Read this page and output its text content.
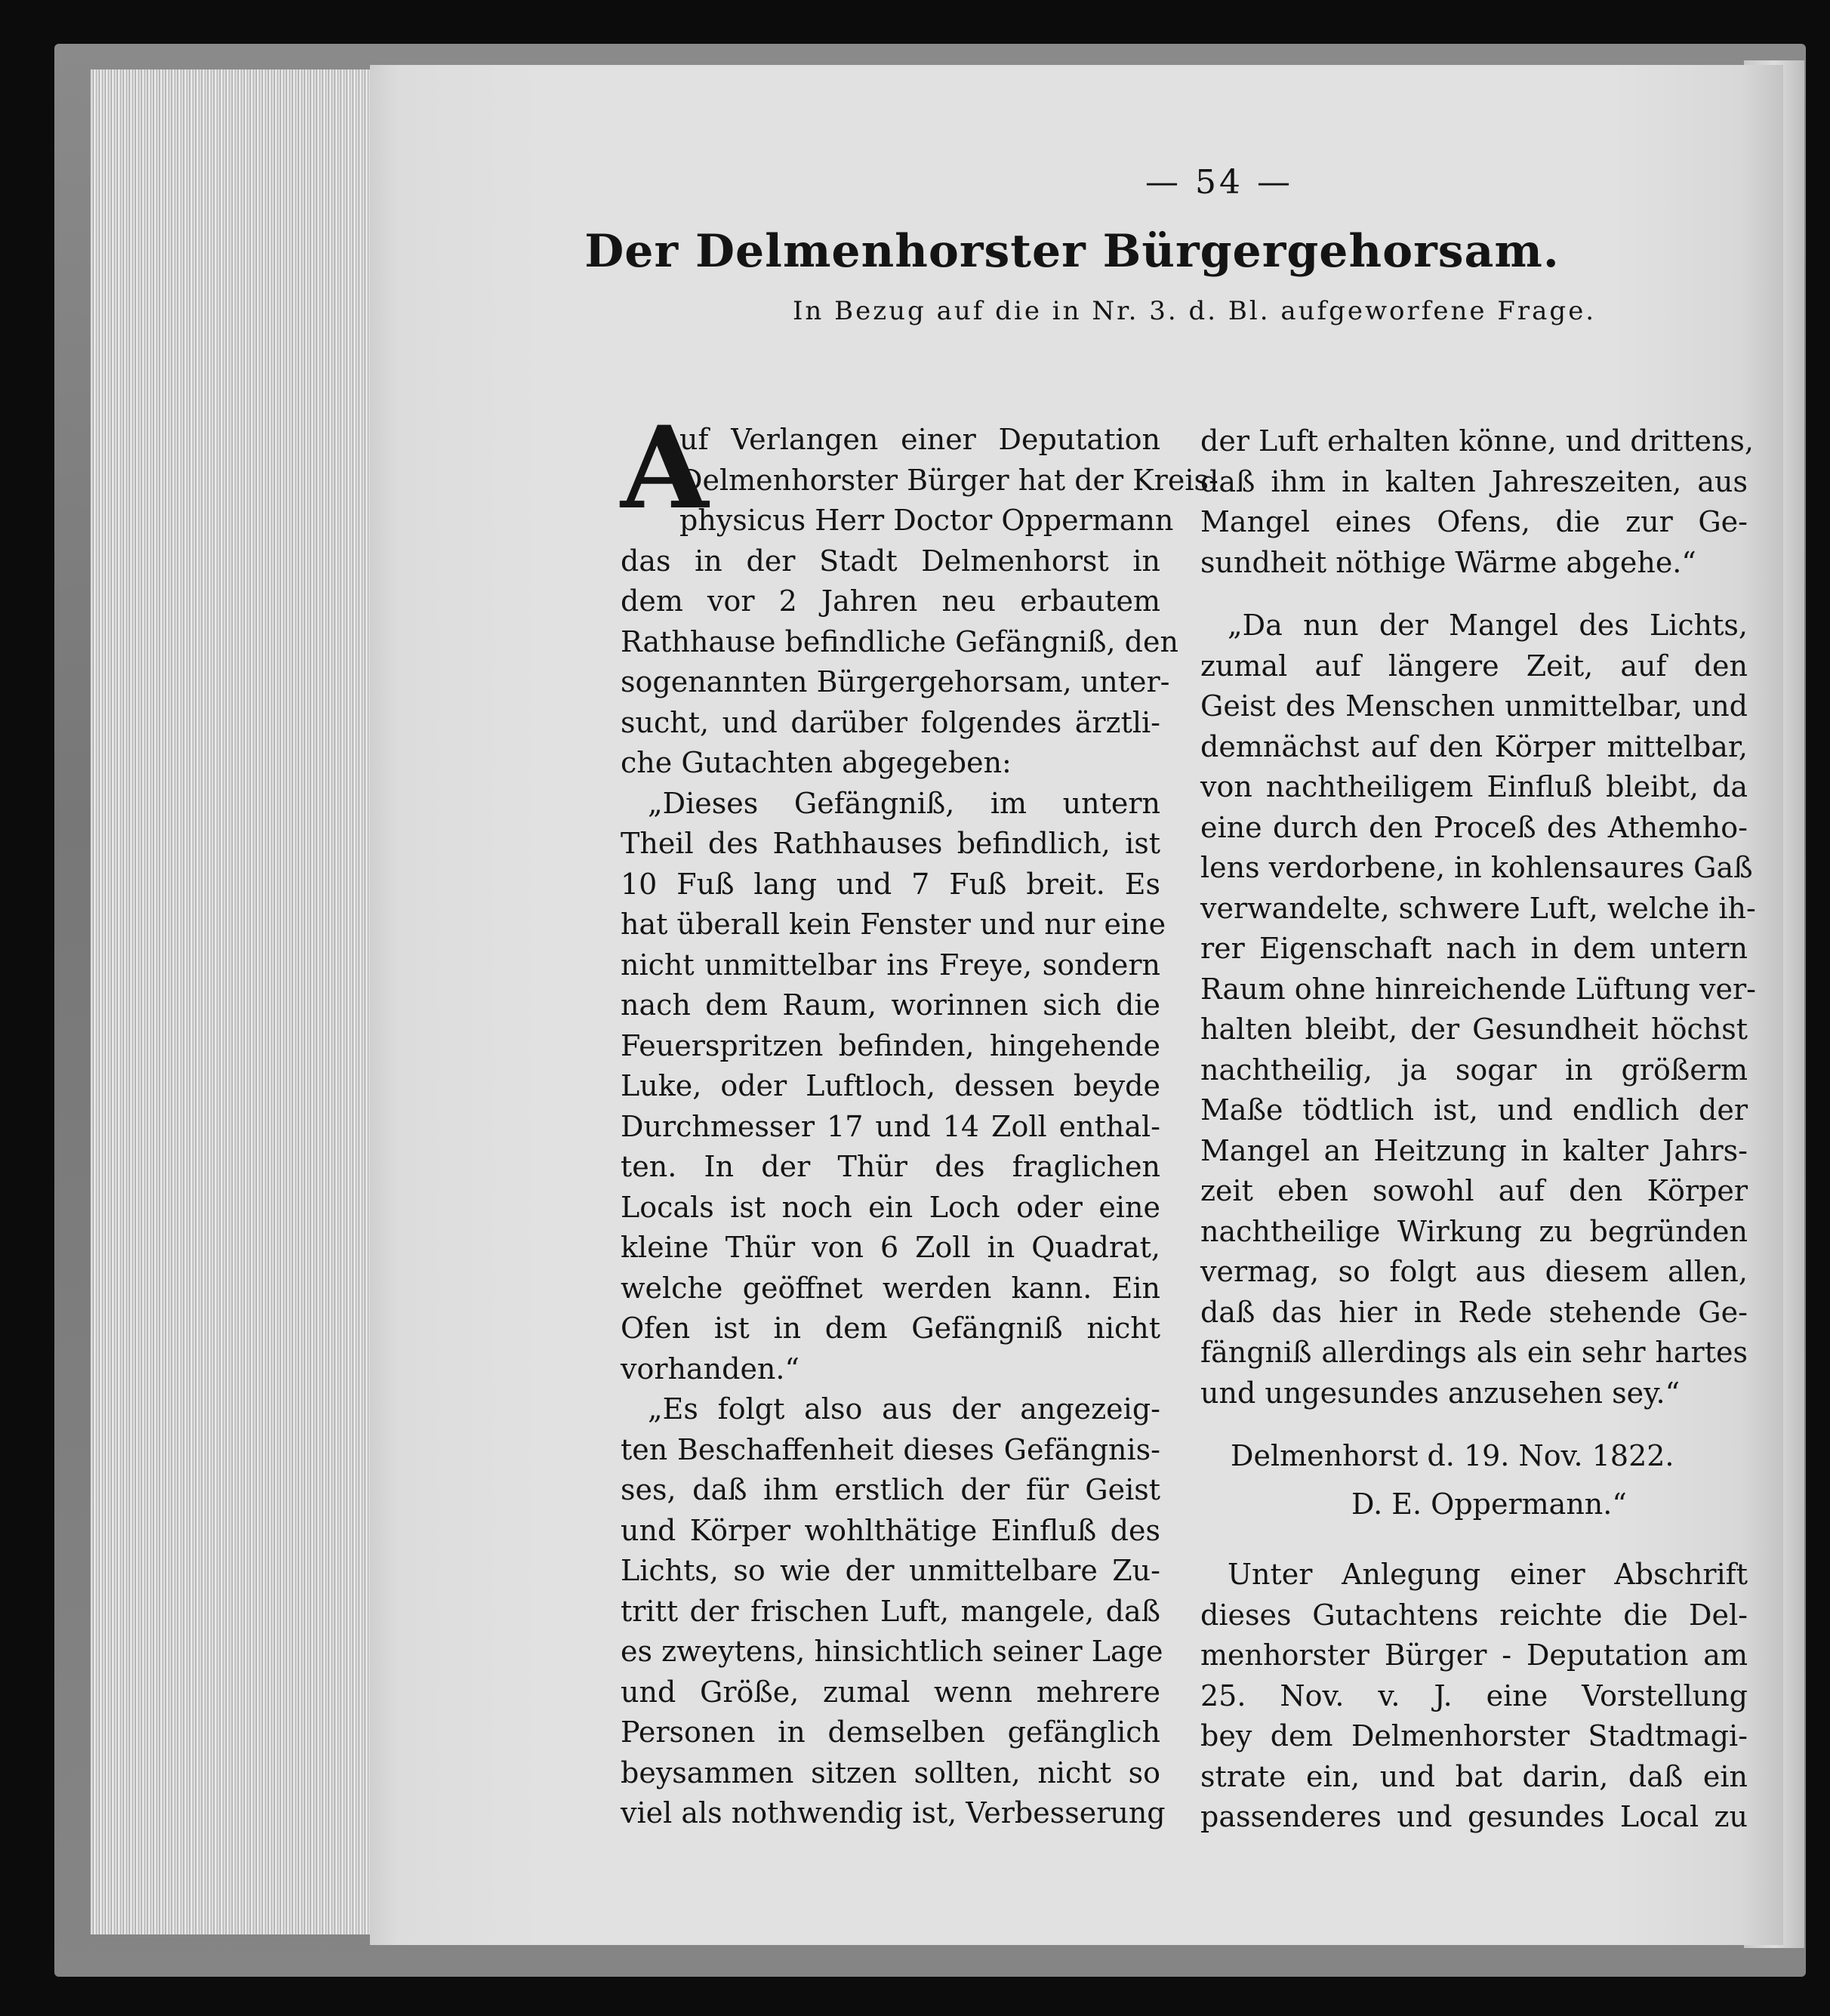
— 54 —
Der Delmenhorster Bürgergehorsam.
In Bezug auf die in Nr. 3. d. Bl. aufgeworfene Frage.
A
uf Verlangen einer Deputation
Delmenhorster Bürger hat der Kreis-
physicus Herr Doctor Oppermann
das in der Stadt Delmenhorst in
dem vor 2 Jahren neu erbautem
Rathhause befindliche Gefängniß, den
sogenannten Bürgergehorsam, unter-
sucht, und darüber folgendes ärztli-
che Gutachten abgegeben:
„Dieses Gefängniß, im untern
Theil des Rathhauses befindlich, ist
10 Fuß lang und 7 Fuß breit. Es
hat überall kein Fenster und nur eine
nicht unmittelbar ins Freye, sondern
nach dem Raum, worinnen sich die
Feuerspritzen befinden, hingehende
Luke, oder Luftloch, dessen beyde
Durchmesser 17 und 14 Zoll enthal-
ten. In der Thür des fraglichen
Locals ist noch ein Loch oder eine
kleine Thür von 6 Zoll in Quadrat,
welche geöffnet werden kann. Ein
Ofen ist in dem Gefängniß nicht
vorhanden.“
„Es folgt also aus der angezeig-
ten Beschaffenheit dieses Gefängnis-
ses, daß ihm erstlich der für Geist
und Körper wohlthätige Einfluß des
Lichts, so wie der unmittelbare Zu-
tritt der frischen Luft, mangele, daß
es zweytens, hinsichtlich seiner Lage
und Größe, zumal wenn mehrere
Personen in demselben gefänglich
beysammen sitzen sollten, nicht so
viel als nothwendig ist, Verbesserung
der Luft erhalten könne, und drittens,
daß ihm in kalten Jahreszeiten, aus
Mangel eines Ofens, die zur Ge-
sundheit nöthige Wärme abgehe.“
„Da nun der Mangel des Lichts,
zumal auf längere Zeit, auf den
Geist des Menschen unmittelbar, und
demnächst auf den Körper mittelbar,
von nachtheiligem Einfluß bleibt, da
eine durch den Proceß des Athemho-
lens verdorbene, in kohlensaures Gaß
verwandelte, schwere Luft, welche ih-
rer Eigenschaft nach in dem untern
Raum ohne hinreichende Lüftung ver-
halten bleibt, der Gesundheit höchst
nachtheilig, ja sogar in größerm
Maße tödtlich ist, und endlich der
Mangel an Heitzung in kalter Jahrs-
zeit eben sowohl auf den Körper
nachtheilige Wirkung zu begründen
vermag, so folgt aus diesem allen,
daß das hier in Rede stehende Ge-
fängniß allerdings als ein sehr hartes
und ungesundes anzusehen sey.“
Delmenhorst d. 19. Nov. 1822.
D. E. Oppermann.“
Unter Anlegung einer Abschrift
dieses Gutachtens reichte die Del-
menhorster Bürger - Deputation am
25. Nov. v. J. eine Vorstellung
bey dem Delmenhorster Stadtmagi-
strate ein, und bat darin, daß ein
passenderes und gesundes Local zu
